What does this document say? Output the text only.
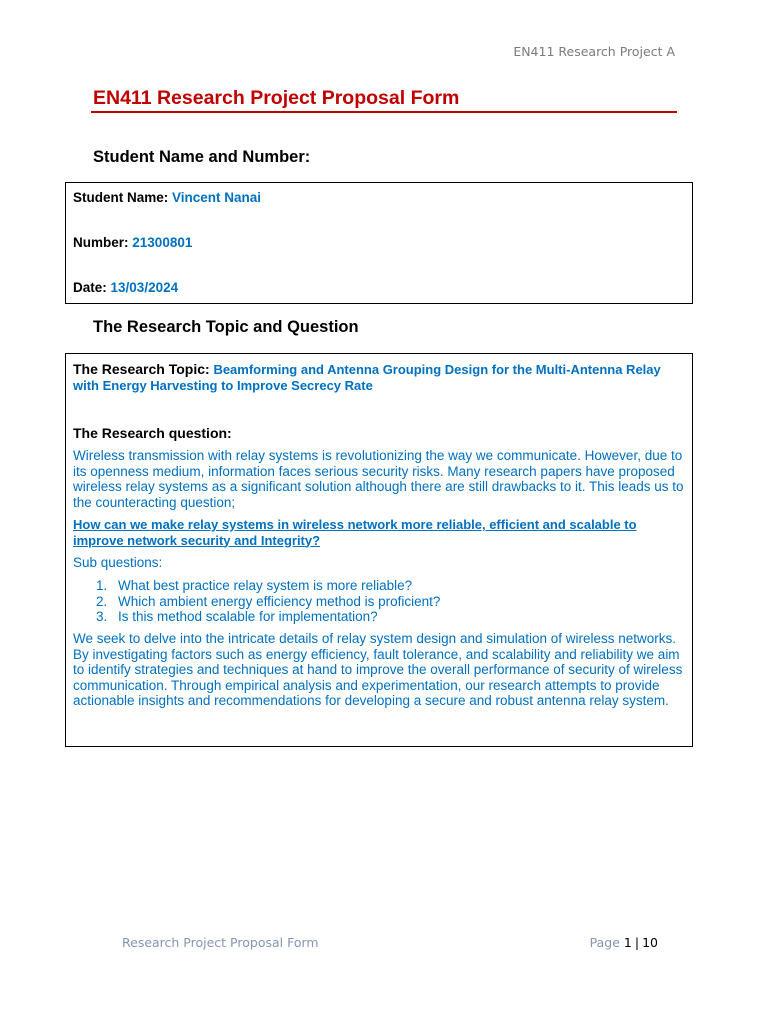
EN411 Research Project A
EN411 Research Project Proposal Form
Student Name and Number:
Student Name: Vincent Nanai
Number: 21300801
Date: 13/03/2024
The Research Topic and Question
The Research Topic: Beamforming and Antenna Grouping Design for the Multi-Antenna Relay with Energy Harvesting to Improve Secrecy Rate
The Research question:
Wireless transmission with relay systems is revolutionizing the way we communicate. However, due to its openness medium, information faces serious security risks. Many research papers have proposed wireless relay systems as a significant solution although there are still drawbacks to it. This leads us to the counteracting question;
How can we make relay systems in wireless network more reliable, efficient and scalable to improve network security and Integrity?
Sub questions:
1. What best practice relay system is more reliable?
2. Which ambient energy efficiency method is proficient?
3. Is this method scalable for implementation?
We seek to delve into the intricate details of relay system design and simulation of wireless networks. By investigating factors such as energy efficiency, fault tolerance, and scalability and reliability we aim to identify strategies and techniques at hand to improve the overall performance of security of wireless communication. Through empirical analysis and experimentation, our research attempts to provide actionable insights and recommendations for developing a secure and robust antenna relay system.
Research Project Proposal Form	Page 1 | 10
